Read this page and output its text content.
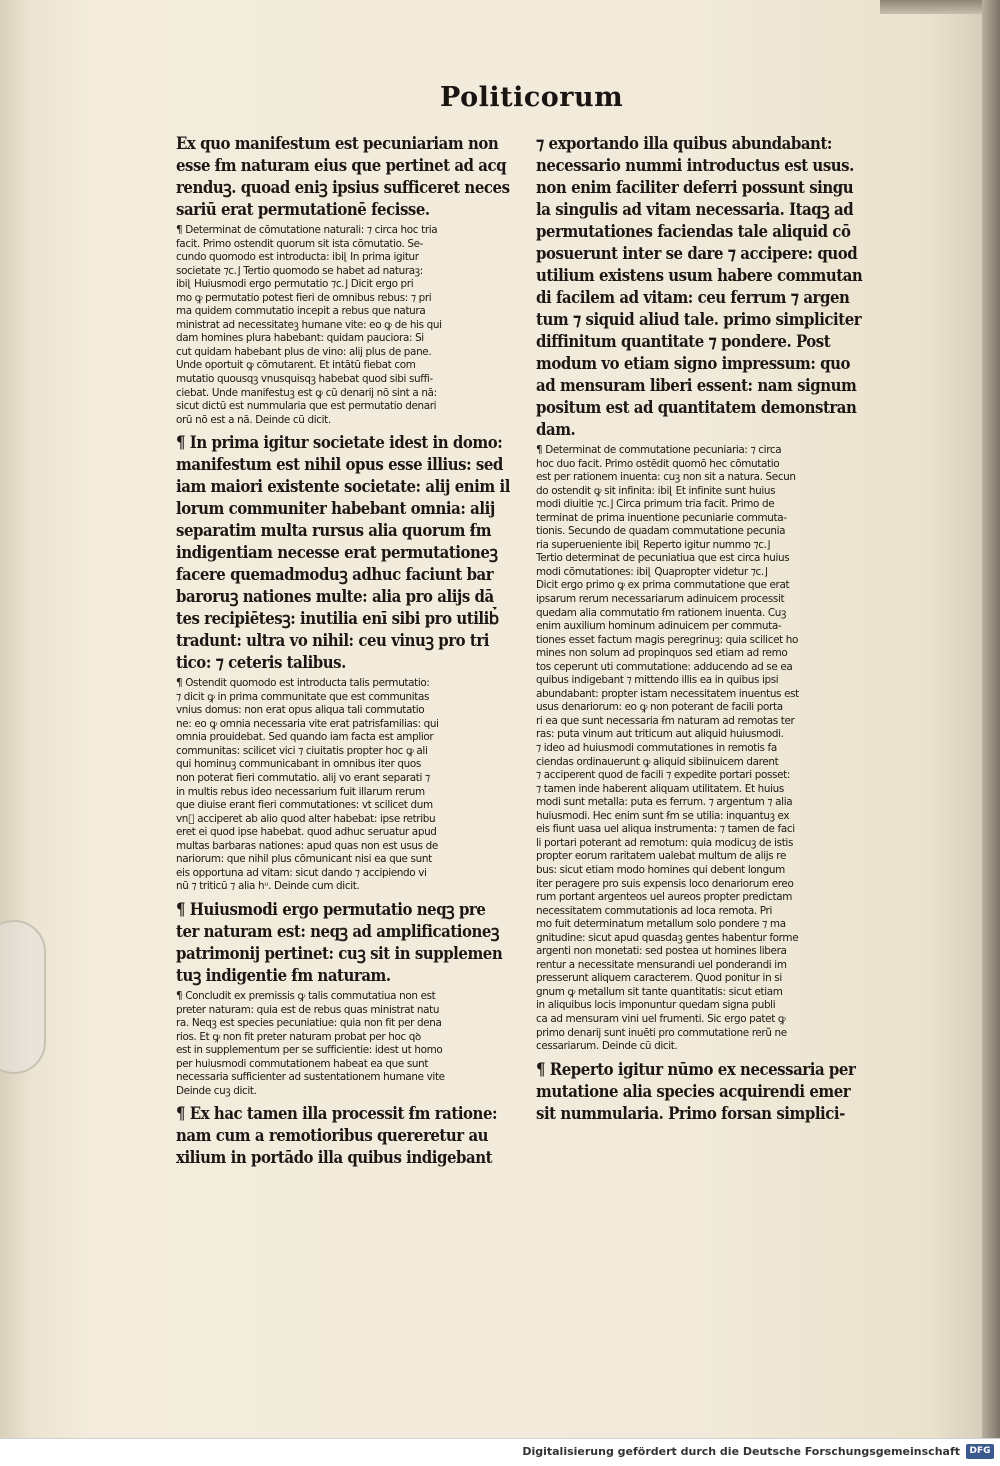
Politicorum
Ex quo manifestum est pecuniariam non
esse ẜm naturam eius que pertinet ad acq
renduꝫ. quoad eniꝫ ipsius sufficeret neces
sariū erat permutationē fecisse.
¶ Determinat de cōmutatione naturali: ⁊ circa hoc tria
facit. Primo ostendit quorum sit ista cōmutatio. Se-
cundo quomodo est introducta: ibi⌊ In prima igitur
societate ⁊c.⌋ Tertio quomodo se habet ad naturaꝫ:
ibi⌊ Huiusmodi ergo permutatio ⁊c.⌋ Dicit ergo pri
mo ꝙ permutatio potest fieri de omnibus rebus: ⁊ pri
ma quidem commutatio incepit a rebus que natura
ministrat ad necessitateꝫ humane vite: eo ꝙ de his qui
dam homines plura habebant: quidam pauciora: Si
cut quidam habebant plus de vino: alij plus de pane.
Unde oportuit ꝙ cōmutarent. Et intātū fiebat com
mutatio quousqꝫ vnusquisqꝫ habebat quod sibi suffi-
ciebat. Unde manifestuꝫ est ꝙ cū denarij nō sint a nā:
sicut dictū est nummularia que est permutatio denari
orū nō est a nā. Deinde cū dicit.
¶ In prima igitur societate idest in domo:
manifestum est nihil opus esse illius: sed
iam maiori existente societate: alij enim il
lorum communiter habebant omnia: alij
separatim multa rursus alia quorum ẜm
indigentiam necesse erat permutationeꝫ
facere quemadmoduꝫ adhuc faciunt bar
baroruꝫ nationes multe: alia pro alijs dā
tes recipiētesꝫ: inutilia enī sibi pro utilib᷒
tradunt: ultra vo nihil: ceu vinuꝫ pro tri
tico: ⁊ ceteris talibus.
¶ Ostendit quomodo est introducta talis permutatio:
⁊ dicit ꝙ in prima communitate que est communitas
vnius domus: non erat opus aliqua tali commutatio
ne: eo ꝙ omnia necessaria vite erat patrisfamilias: qui
omnia prouidebat. Sed quando iam facta est amplior
communitas: scilicet vici ⁊ ciuitatis propter hoc ꝙ ali
qui hominuꝫ communicabant in omnibus iter quos
non poterat fieri commutatio. alij vo erant separati ⁊
in multis rebus ideo necessarium fuit illarum rerum
que diuise erant fieri commutationes: vt scilicet dum
vn᷒ acciperet ab alio quod alter habebat: ipse retribu
eret ei quod ipse habebat. quod adhuc seruatur apud
multas barbaras nationes: apud quas non est usus de
nariorum: que nihil plus cōmunicant nisi ea que sunt
eis opportuna ad vitam: sicut dando ⁊ accipiendo vi
nū ⁊ triticū ⁊ alia hᵘ. Deinde cum dicit.
¶ Huiusmodi ergo permutatio neqꝫ pre
ter naturam est: neqꝫ ad amplificationeꝫ
patrimonij pertinet: cuꝫ sit in supplemen
tuꝫ indigentie ẜm naturam.
¶ Concludit ex premissis ꝙ talis commutatiua non est
preter naturam: quia est de rebus quas ministrat natu
ra. Neqꝫ est species pecuniatiue: quia non fit per dena
rios. Et ꝙ non fit preter naturam probat per hoc qꝺ
est in supplementum per se sufficientie: idest ut homo
per huiusmodi commutationem habeat ea que sunt
necessaria sufficienter ad sustentationem humane vite
Deinde cuꝫ dicit.
¶ Ex hac tamen illa processit ẜm ratione:
nam cum a remotioribus quereretur au
xilium in portādo illa quibus indigebant
⁊ exportando illa quibus abundabant:
necessario nummi introductus est usus.
non enim faciliter deferri possunt singu
la singulis ad vitam necessaria. Itaqꝫ ad
permutationes faciendas tale aliquid cō
posuerunt inter se dare ⁊ accipere: quod
utilium existens usum habere commutan
di facilem ad vitam: ceu ferrum ⁊ argen
tum ⁊ siquid aliud tale. primo simpliciter
diffinitum quantitate ⁊ pondere. Post
modum vo etiam signo impressum: quo
ad mensuram liberi essent: nam signum
positum est ad quantitatem demonstran
dam.
¶ Determinat de commutatione pecuniaria: ⁊ circa
hoc duo facit. Primo ostēdit quomō hec cōmutatio
est per rationem inuenta: cuꝫ non sit a natura. Secun
do ostendit ꝙ sit infinita: ibi⌊ Et infinite sunt huius
modi diuitie ⁊c.⌋ Circa primum tria facit. Primo de
terminat de prima inuentione pecuniarie commuta-
tionis. Secundo de quadam commutatione pecunia
ria superueniente ibi⌊ Reperto igitur nummo ⁊c.⌋
Tertio determinat de pecuniatiua que est circa huius
modi cōmutationes: ibi⌊ Quapropter videtur ⁊c.⌋
Dicit ergo primo ꝙ ex prima commutatione que erat
ipsarum rerum necessariarum adinuicem processit
quedam alia commutatio ẜm rationem inuenta. Cuꝫ
enim auxilium hominum adinuicem per commuta-
tiones esset factum magis peregrinuꝫ: quia scilicet ho
mines non solum ad propinquos sed etiam ad remo
tos ceperunt uti commutatione: adducendo ad se ea
quibus indigebant ⁊ mittendo illis ea in quibus ipsi
abundabant: propter istam necessitatem inuentus est
usus denariorum: eo ꝙ non poterant de facili porta
ri ea que sunt necessaria ẜm naturam ad remotas ter
ras: puta vinum aut triticum aut aliquid huiusmodi.
⁊ ideo ad huiusmodi commutationes in remotis fa
ciendas ordinauerunt ꝙ aliquid sibiinuicem darent
⁊ acciperent quod de facili ⁊ expedite portari posset:
⁊ tamen inde haberent aliquam utilitatem. Et huius
modi sunt metalla: puta es ferrum. ⁊ argentum ⁊ alia
huiusmodi. Hec enim sunt ẜm se utilia: inquantuꝫ ex
eis fiunt uasa uel aliqua instrumenta: ⁊ tamen de faci
li portari poterant ad remotum: quia modicuꝫ de istis
propter eorum raritatem ualebat multum de alijs re
bus: sicut etiam modo homines qui debent longum
iter peragere pro suis expensis loco denariorum ereo
rum portant argenteos uel aureos propter predictam
necessitatem commutationis ad loca remota. Pri
mo fuit determinatum metallum solo pondere ⁊ ma
gnitudine: sicut apud quasdaꝫ gentes habentur forme
argenti non monetati: sed postea ut homines libera
rentur a necessitate mensurandi uel ponderandi im
presserunt aliquem caracterem. Quod ponitur in si
gnum ꝙ metallum sit tante quantitatis: sicut etiam
in aliquibus locis imponuntur quedam signa publi
ca ad mensuram vini uel frumenti. Sic ergo patet ꝙ
primo denarij sunt inuēti pro commutatione reru͂ ne
cessariarum. Deinde cū dicit.
¶ Reperto igitur nūmo ex necessaria per
mutatione alia species acquirendi emer
sit nummularia. Primo forsan simplici-
Digitalisierung gefördert durch die Deutsche Forschungsgemeinschaft	DFG
